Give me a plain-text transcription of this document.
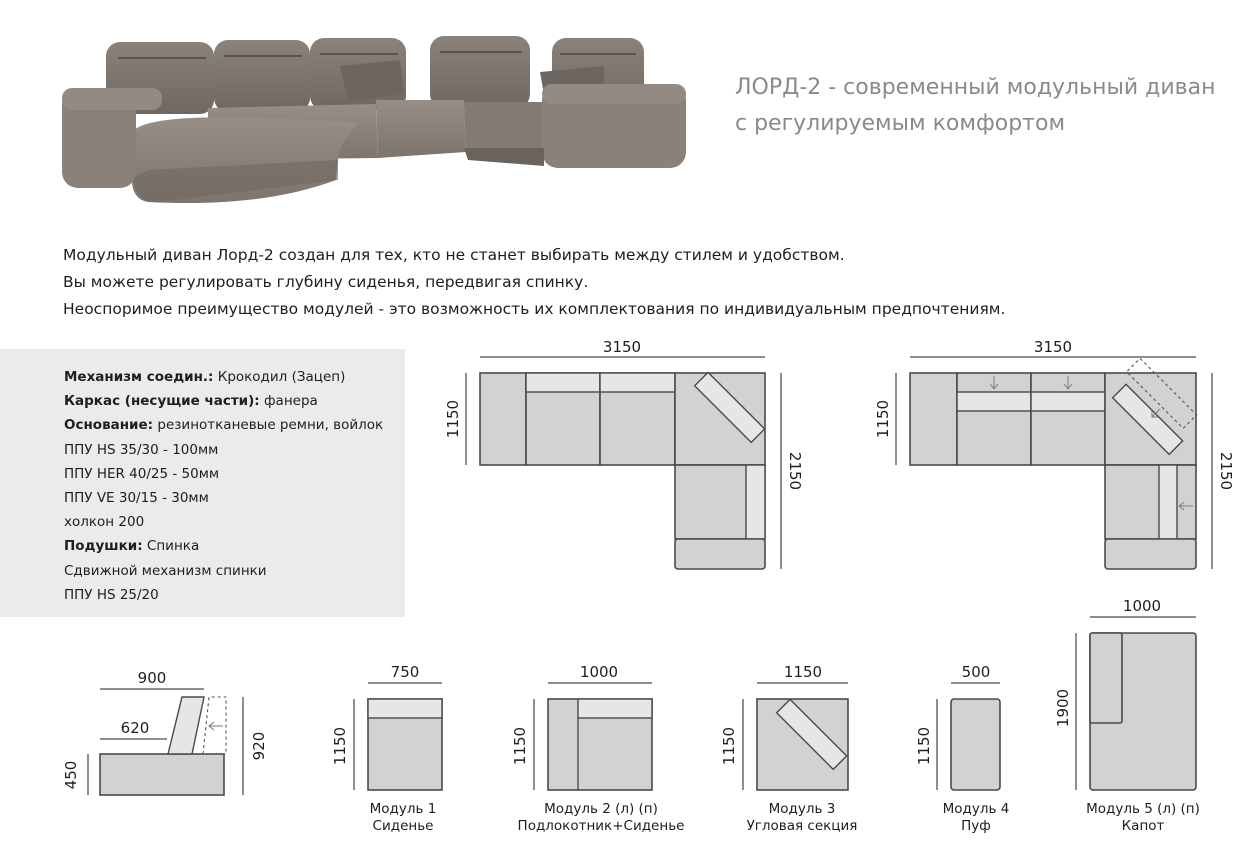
ЛОРД-2 - современный модульный диван
с регулируемым комфортом
Модульный диван Лорд-2 создан для тех, кто не станет выбирать между стилем и удобством.
Вы можете регулировать глубину сиденья, передвигая спинку.
Неоспоримое преимущество модулей - это возможность их комплектования по индивидуальным предпочтениям.
Механизм соедин.: Крокодил (Зацеп)
Каркас (несущие части): фанера
Основание: резинотканевые ремни, войлок
ППУ HS 35/30 - 100мм
ППУ HER 40/25 - 50мм
ППУ VE 30/15 - 30мм
холкон 200
Подушки: Спинка
Сдвижной механизм спинки
ППУ HS 25/20
3150
1150
2150
3150
1150
2150
900
620
920
450
750
1150
Модуль 1
Сиденье
1000
1150
Модуль 2 (л) (п)
Подлокотник+Сиденье
1150
1150
Модуль 3
Угловая секция
500
1150
Модуль 4
Пуф
1000
1900
Модуль 5 (л) (п)
Капот
